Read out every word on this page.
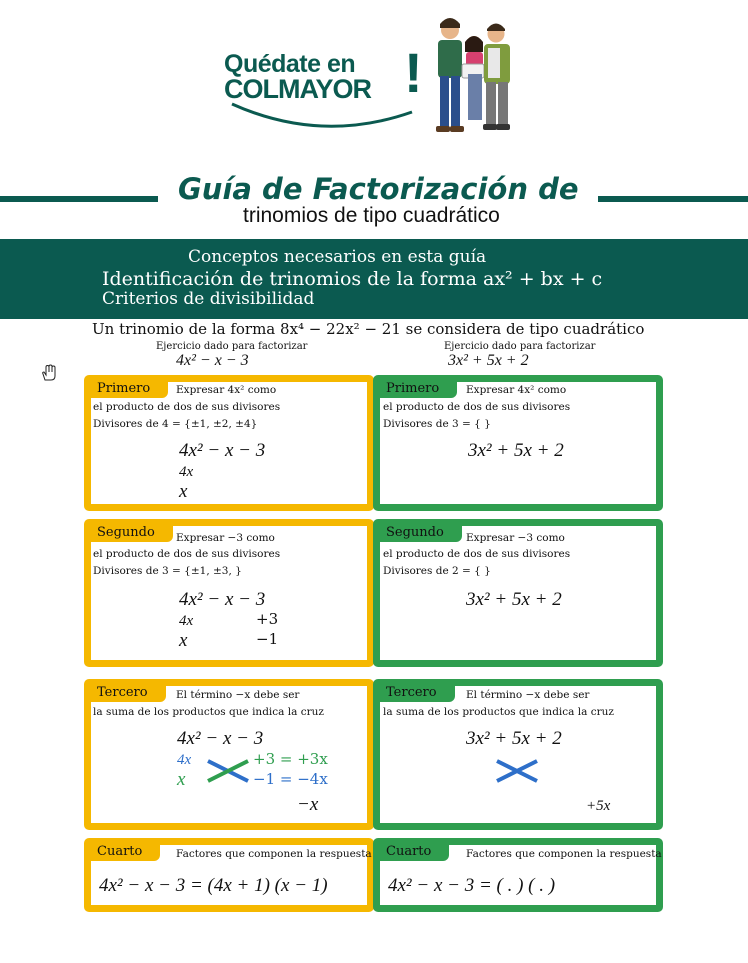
Quédate en
COLMAYOR !
Guía de Factorización de
trinomios de tipo cuadrático
Conceptos necesarios en esta guía
Identificación de trinomios de la forma ax² + bx + c
Criterios de divisibilidad
Un trinomio de la forma 8x⁴ − 22x² − 21 se considera de tipo cuadrático
Ejercicio dado para factorizar
4x² − x − 3
Ejercicio dado para factorizar
3x² + 5x + 2
Primero	Expresar 4x² como
el producto de dos de sus divisores
Divisores de 4 = {±1, ±2, ±4}
4x² − x − 3
4x
x
Primero	Expresar 4x² como
el producto de dos de sus divisores
Divisores de 3 = { }
3x² + 5x + 2
Segundo	Expresar −3 como
el producto de dos de sus divisores
Divisores de 3 = {±1, ±3, }
4x² − x − 3
4x
x
+3
−1
Segundo	Expresar −3 como
el producto de dos de sus divisores
Divisores de 2 = { }
3x² + 5x + 2
Tercero	El término −x debe ser
la suma de los productos que indica la cruz
4x² − x − 3
4x
x
+3 = +3x
−1 = −4x
−x
Tercero	El término −x debe ser
la suma de los productos que indica la cruz
3x² + 5x + 2
+5x
Cuarto	Factores que componen la respuesta
4x² − x − 3 = (4x + 1) (x − 1)
Cuarto	Factores que componen la respuesta
4x² − x − 3 = ( . ) ( . )
